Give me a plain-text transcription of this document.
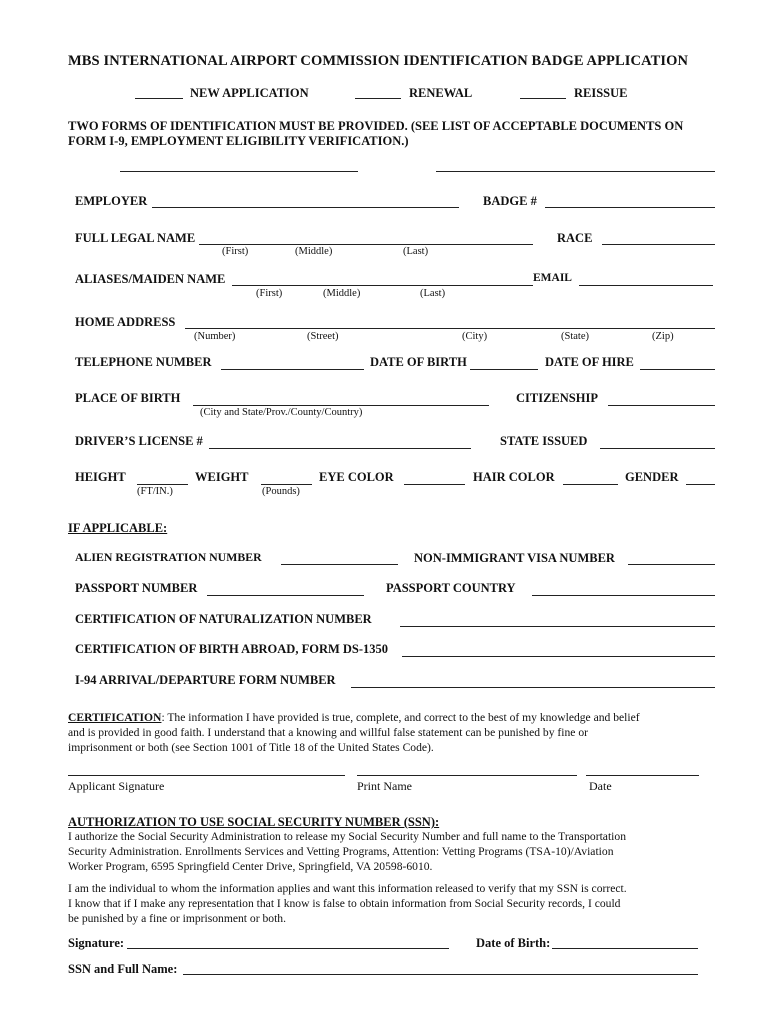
MBS INTERNATIONAL AIRPORT COMMISSION IDENTIFICATION BADGE APPLICATION
NEW APPLICATION	RENEWAL	REISSUE
TWO FORMS OF IDENTIFICATION MUST BE PROVIDED. (SEE LIST OF ACCEPTABLE DOCUMENTS ON
FORM I-9, EMPLOYMENT ELIGIBILITY VERIFICATION.)
EMPLOYER	BADGE #
FULL LEGAL NAME
(First)	(Middle)	(Last)
RACE
ALIASES/MAIDEN NAME
(First)	(Middle)	(Last)
EMAIL
HOME ADDRESS
(Number)	(Street)	(City)	(State)	(Zip)
TELEPHONE NUMBER	DATE OF BIRTH	DATE OF HIRE
PLACE OF BIRTH
(City and State/Prov./County/Country)
CITIZENSHIP
DRIVER’S LICENSE #	STATE ISSUED
HEIGHT
(FT/IN.)
WEIGHT
(Pounds)
EYE COLOR	HAIR COLOR	GENDER
IF APPLICABLE:
ALIEN REGISTRATION NUMBER	NON-IMMIGRANT VISA NUMBER
PASSPORT NUMBER	PASSPORT COUNTRY
CERTIFICATION OF NATURALIZATION NUMBER
CERTIFICATION OF BIRTH ABROAD, FORM DS-1350
I-94 ARRIVAL/DEPARTURE FORM NUMBER
CERTIFICATION: The information I have provided is true, complete, and correct to the best of my knowledge and belief
and is provided in good faith. I understand that a knowing and willful false statement can be punished by fine or
imprisonment or both (see Section 1001 of Title 18 of the United States Code).
Applicant Signature	Print Name	Date
AUTHORIZATION TO USE SOCIAL SECURITY NUMBER (SSN):
I authorize the Social Security Administration to release my Social Security Number and full name to the Transportation
Security Administration. Enrollments Services and Vetting Programs, Attention: Vetting Programs (TSA-10)/Aviation
Worker Program, 6595 Springfield Center Drive, Springfield, VA 20598-6010.
I am the individual to whom the information applies and want this information released to verify that my SSN is correct.
I know that if I make any representation that I know is false to obtain information from Social Security records, I could
be punished by a fine or imprisonment or both.
Signature:	Date of Birth:
SSN and Full Name:
